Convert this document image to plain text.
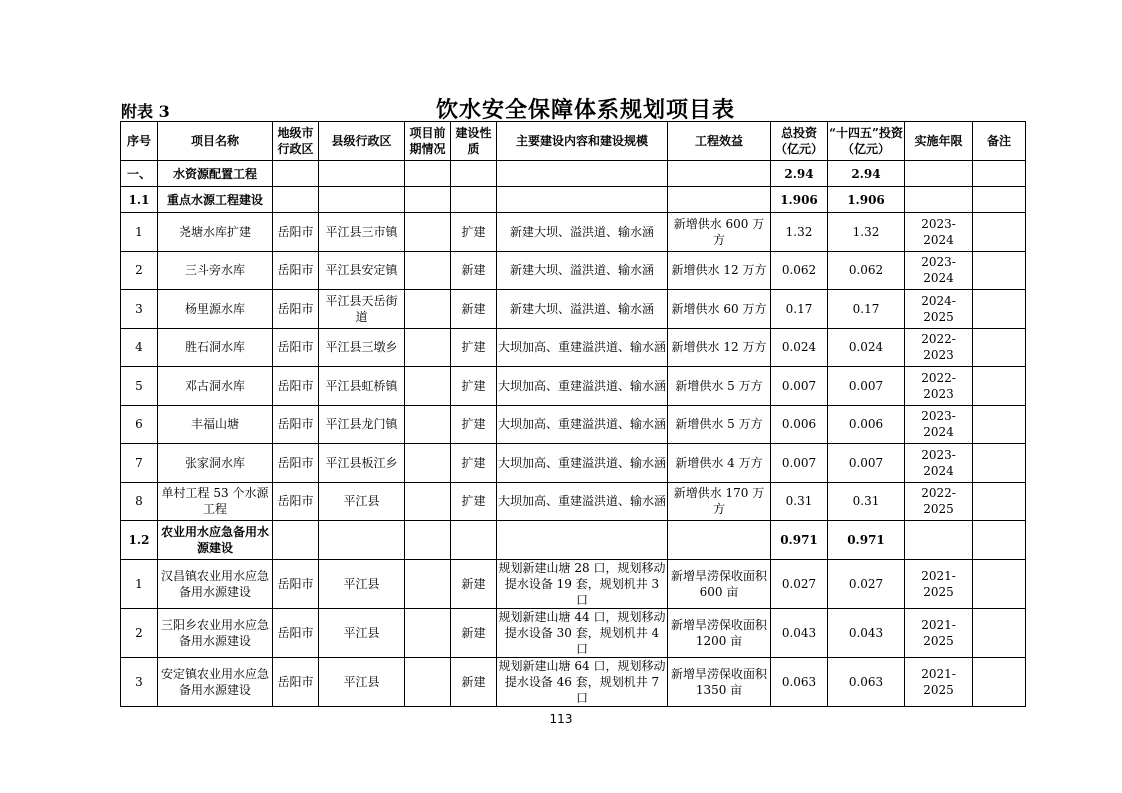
附表 3	饮水安全保障体系规划项目表
序号	项目名称	地级市行政区	县级行政区	项目前期情况	建设性质	主要建设内容和建设规模	工程效益	总投资（亿元）	“十四五”投资（亿元）	实施年限	备注
一、	水资源配置工程							2.94	2.94		
1.1	重点水源工程建设							1.906	1.906		
1	尧塘水库扩建	岳阳市	平江县三市镇		扩建	新建大坝、溢洪道、输水涵	新增供水 600 万方	1.32	1.32	2023-2024	
2	三斗旁水库	岳阳市	平江县安定镇		新建	新建大坝、溢洪道、输水涵	新增供水 12 万方	0.062	0.062	2023-2024	
3	杨里源水库	岳阳市	平江县天岳街道		新建	新建大坝、溢洪道、输水涵	新增供水 60 万方	0.17	0.17	2024-2025	
4	胜石洞水库	岳阳市	平江县三墩乡		扩建	大坝加高、重建溢洪道、输水涵	新增供水 12 万方	0.024	0.024	2022-2023	
5	邓古洞水库	岳阳市	平江县虹桥镇		扩建	大坝加高、重建溢洪道、输水涵	新增供水 5 万方	0.007	0.007	2022-2023	
6	丰福山塘	岳阳市	平江县龙门镇		扩建	大坝加高、重建溢洪道、输水涵	新增供水 5 万方	0.006	0.006	2023-2024	
7	张家洞水库	岳阳市	平江县板江乡		扩建	大坝加高、重建溢洪道、输水涵	新增供水 4 万方	0.007	0.007	2023-2024	
8	单村工程 53 个水源工程	岳阳市	平江县		扩建	大坝加高、重建溢洪道、输水涵	新增供水 170 万方	0.31	0.31	2022-2025	
1.2	农业用水应急备用水源建设							0.971	0.971		
1	汉昌镇农业用水应急备用水源建设	岳阳市	平江县		新建	规划新建山塘 28 口，规划移动提水设备 19 套，规划机井 3 口	新增旱涝保收面积 600 亩	0.027	0.027	2021-2025	
2	三阳乡农业用水应急备用水源建设	岳阳市	平江县		新建	规划新建山塘 44 口，规划移动提水设备 30 套，规划机井 4 口	新增旱涝保收面积 1200 亩	0.043	0.043	2021-2025	
3	安定镇农业用水应急备用水源建设	岳阳市	平江县		新建	规划新建山塘 64 口，规划移动提水设备 46 套，规划机井 7 口	新增旱涝保收面积 1350 亩	0.063	0.063	2021-2025	
113
